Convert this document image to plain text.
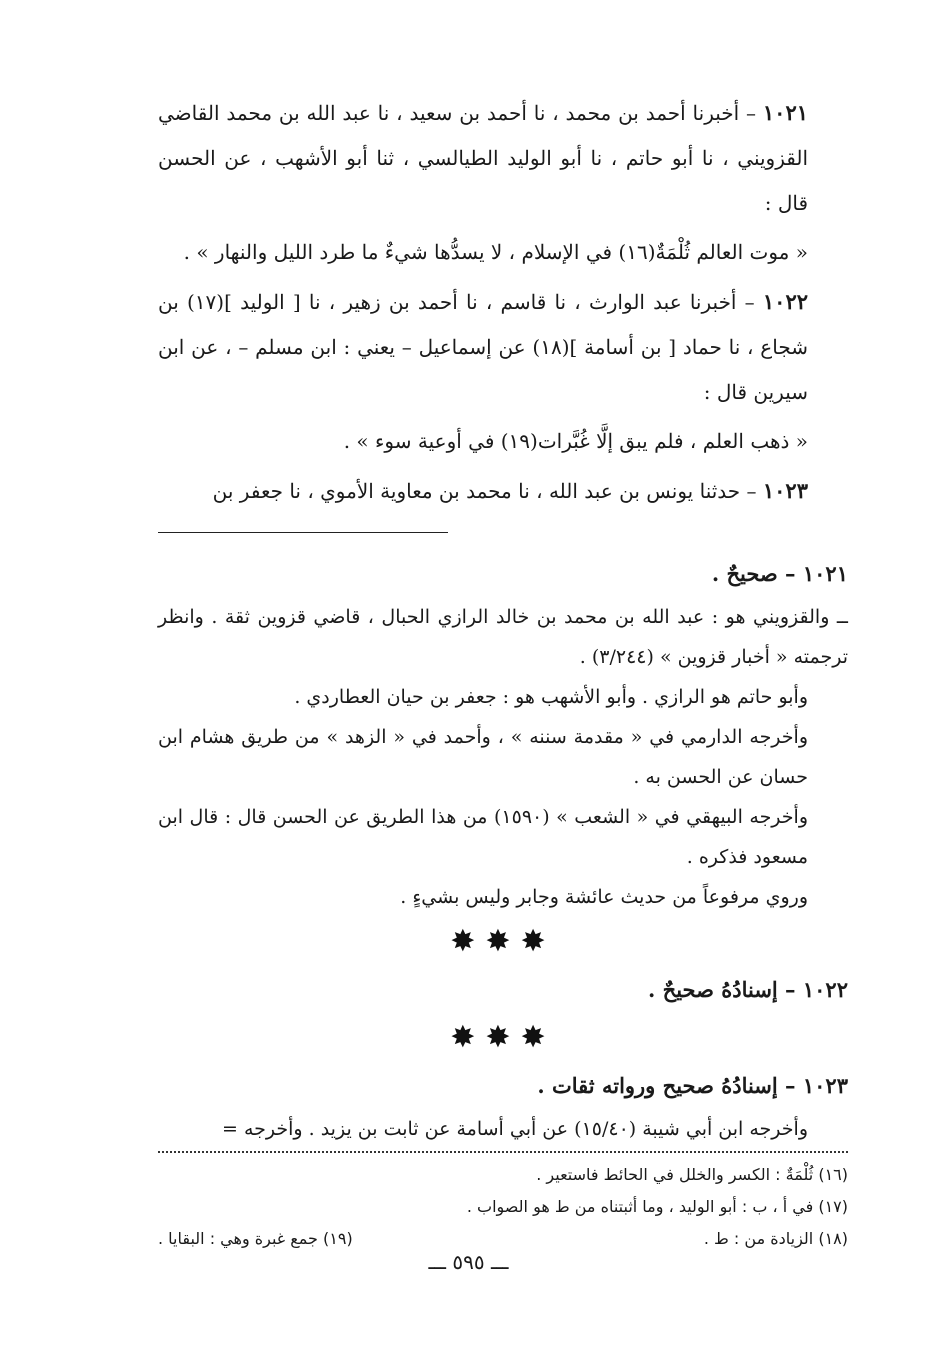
١٠٢١ – أخبرنا أحمد بن محمد ، نا أحمد بن سعيد ، نا عبد الله بن محمد القاضي القزويني ، نا أبو حاتم ، نا أبو الوليد الطيالسي ، ثنا أبو الأشهب ، عن الحسن قال :

« موت العالم ثُلْمَةٌ(١٦) في الإسلام ، لا يسدُّها شيءٌ ما طرد الليل والنهار » .

١٠٢٢ – أخبرنا عبد الوارث ، نا قاسم ، نا أحمد بن زهير ، نا [ الوليد ](١٧) بن شجاع ، نا حماد [ بن أسامة ](١٨) عن إسماعيل – يعني : ابن مسلم – ، عن ابن سيرين قال :

« ذهب العلم ، فلم يبق إلَّا غُبَّرات(١٩) في أوعية سوء » .

١٠٢٣ – حدثنا يونس بن عبد الله ، نا محمد بن معاوية الأموي ، نا جعفر بن

١٠٢١ – صحيحٌ .

ــ والقزويني هو : عبد الله بن محمد بن خالد الرازي الحبال ، قاضي قزوين ثقة . وانظر ترجمته « أخبار قزوين » (٣/٢٤٤) .

وأبو حاتم هو الرازي . وأبو الأشهب هو : جعفر بن حيان العطاردي .

وأخرجه الدارمي في « مقدمة سننه » ، وأحمد في « الزهد » من طريق هشام ابن حسان عن الحسن به .

وأخرجه البيهقي في « الشعب » (١٥٩٠) من هذا الطريق عن الحسن قال : قال ابن مسعود فذكره .

وروي مرفوعاً من حديث عائشة وجابر وليس بشيءٍ .

✸✸✸
١٠٢٢ – إسنادُهُ صحيحٌ .
✸✸✸
١٠٢٣ – إسنادُهُ صحيح ورواته ثقات .

وأخرجه ابن أبي شيبة (١٥/٤٠) عن أبي أسامة عن ثابت بن يزيد . وأخرجه =

(١٦) ثُلْمَةٌ : الكسر والخلل في الحائط فاستعير .

(١٧) في أ ، ب : أبو الوليد ، وما أثبتناه من ط هو الصواب .

(١٨) الزيادة من : ط .

(١٩) جمع غبرة وهي : البقايا .

ـــ ٥٩٥ ـــ
